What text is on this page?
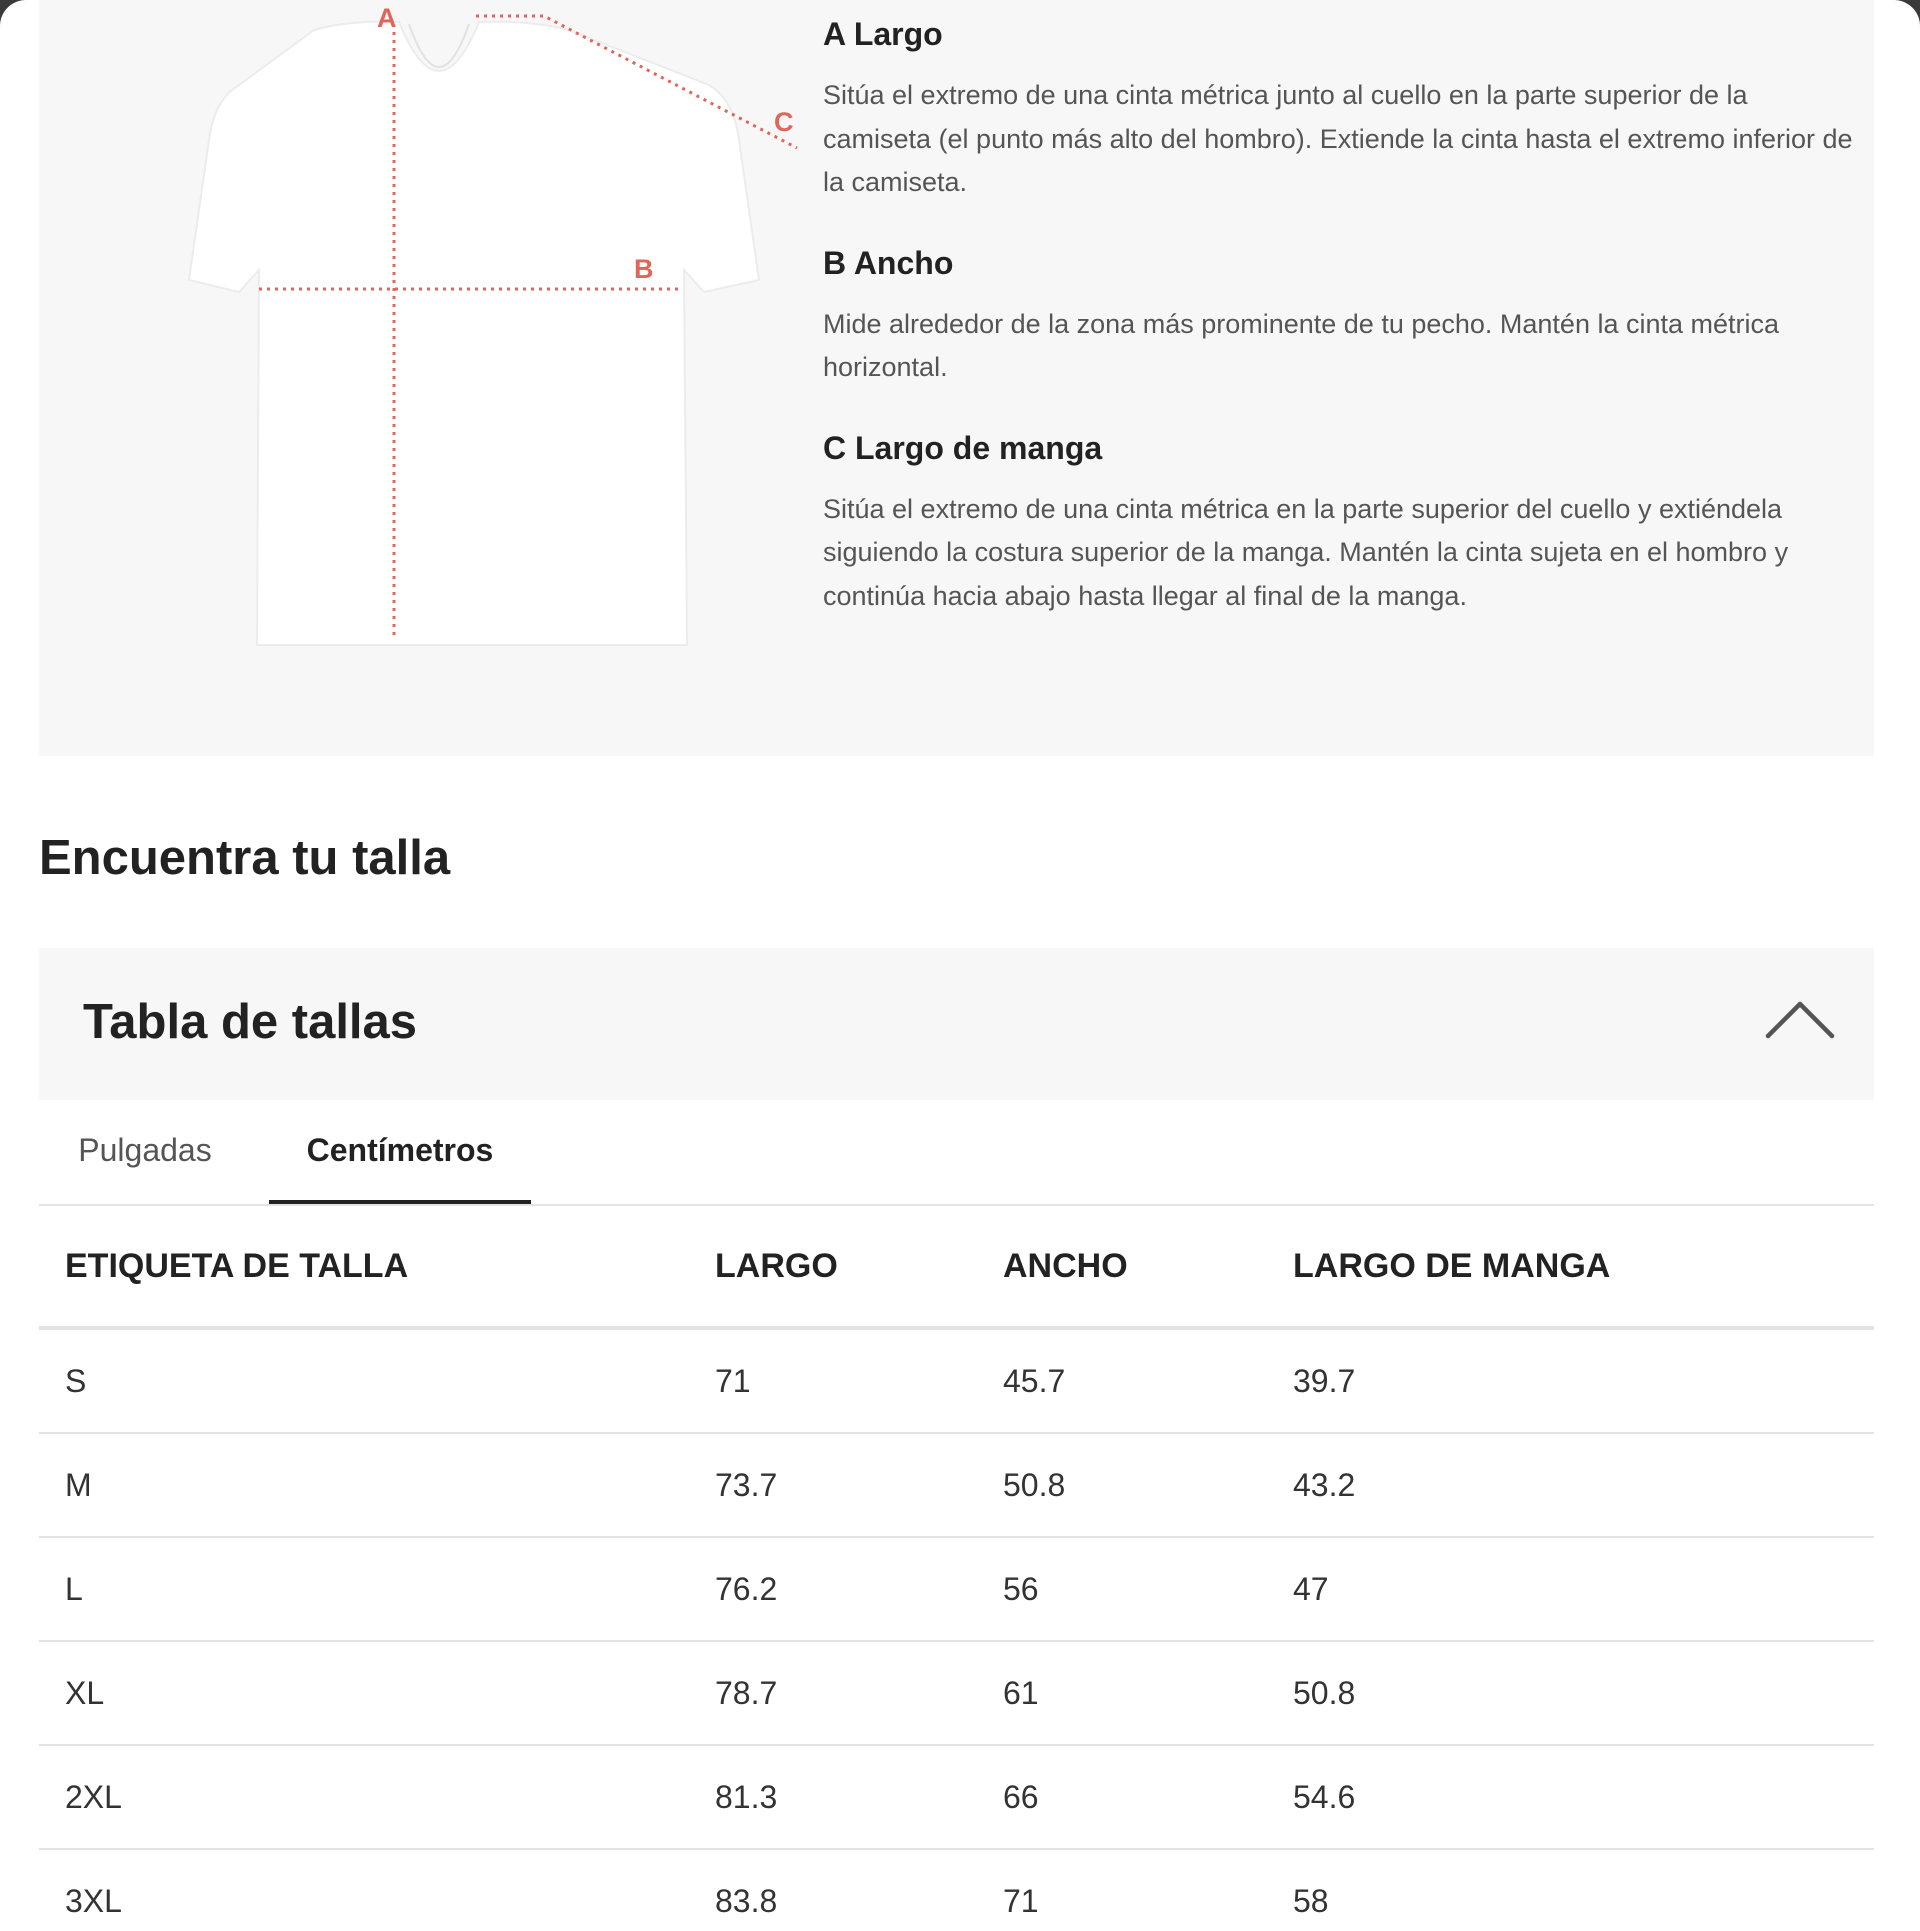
A
B
C
A Largo

Sitúa el extremo de una cinta métrica junto al cuello en la parte superior de la camiseta (el punto más alto del hombro). Extiende la cinta hasta el extremo inferior de la camiseta.

B Ancho

Mide alrededor de la zona más prominente de tu pecho. Mantén la cinta métrica horizontal.

C Largo de manga

Sitúa el extremo de una cinta métrica en la parte superior del cuello y extiéndela siguiendo la costura superior de la manga. Mantén la cinta sujeta en el hombro y continúa hacia abajo hasta llegar al final de la manga.

Encuentra tu talla
Tabla de tallas
Pulgadas	Centímetros
ETIQUETA DE TALLA	LARGO	ANCHO	LARGO DE MANGA
S	71	45.7	39.7
M	73.7	50.8	43.2
L	76.2	56	47
XL	78.7	61	50.8
2XL	81.3	66	54.6
3XL	83.8	71	58
